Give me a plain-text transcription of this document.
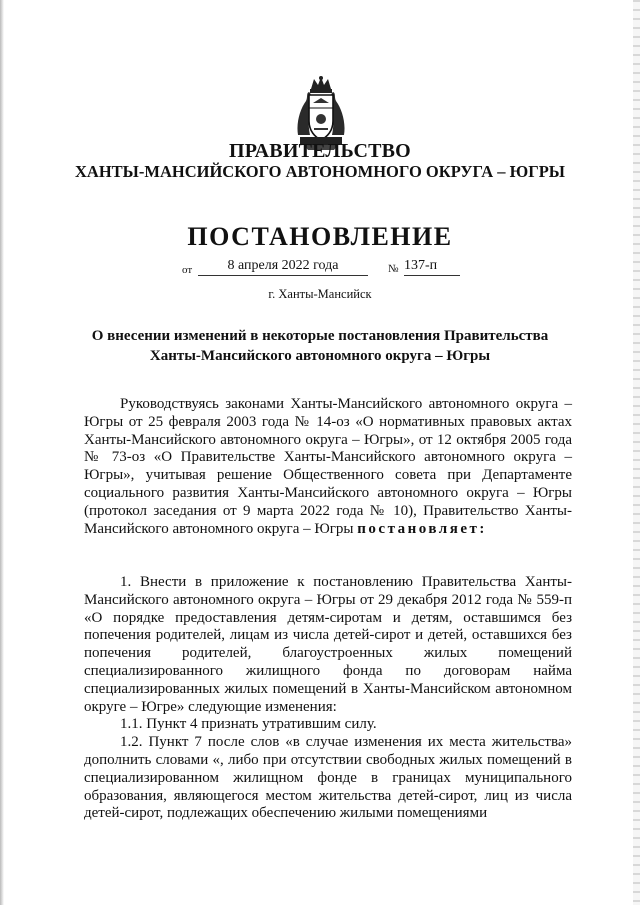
ПРАВИТЕЛЬСТВО
ХАНТЫ-МАНСИЙСКОГО АВТОНОМНОГО ОКРУГА – ЮГРЫ
ПОСТАНОВЛЕНИЕ
от	8 апреля 2022 года	№ 137-п
г. Ханты-Мансийск
О внесении изменений в некоторые постановления Правительства Ханты-Мансийского автономного округа – Югры
Руководствуясь законами Ханты-Мансийского автономного округа – Югры от 25 февраля 2003 года № 14-оз «О нормативных правовых актах Ханты-Мансийского автономного округа – Югры», от 12 октября 2005 года № 73-оз «О Правительстве Ханты-Мансийского автономного округа – Югры», учитывая решение Общественного совета при Департаменте социального развития Ханты-Мансийского автономного округа – Югры (протокол заседания от 9 марта 2022 года № 10), Правительство Ханты-Мансийского автономного округа – Югры постановляет:
1. Внести в приложение к постановлению Правительства Ханты-Мансийского автономного округа – Югры от 29 декабря 2012 года № 559-п «О порядке предоставления детям-сиротам и детям, оставшимся без попечения родителей, лицам из числа детей-сирот и детей, оставшихся без попечения родителей, благоустроенных жилых помещений специализированного жилищного фонда по договорам найма специализированных жилых помещений в Ханты-Мансийском автономном округе – Югре» следующие изменения:
1.1. Пункт 4 признать утратившим силу.
1.2. Пункт 7 после слов «в случае изменения их места жительства» дополнить словами «, либо при отсутствии свободных жилых помещений в специализированном жилищном фонде в границах муниципального образования, являющегося местом жительства детей-сирот, лиц из числа детей-сирот, подлежащих обеспечению жилыми помещениями
